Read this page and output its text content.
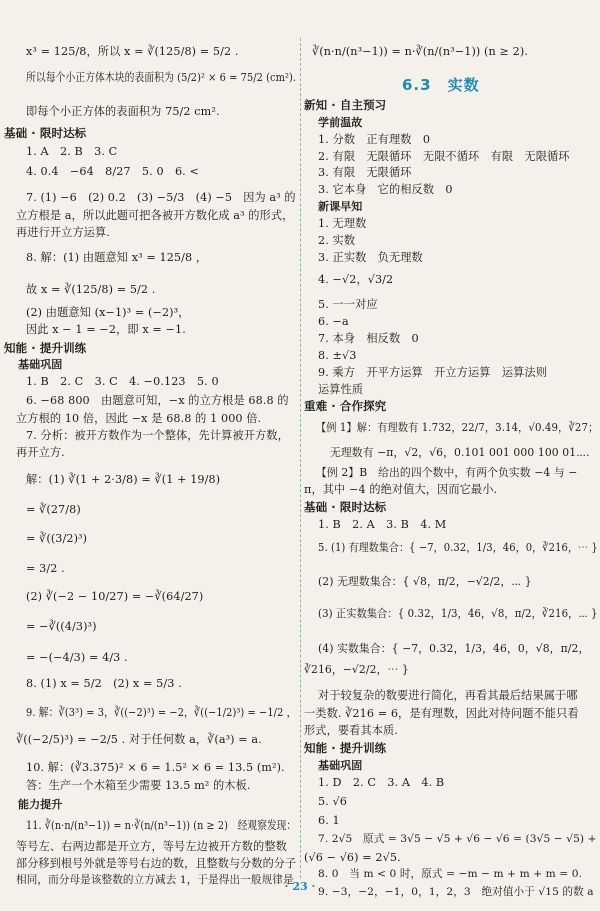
x³ = 125/8，所以 x = ∛(125/8) = 5/2 .
所以每个小正方体木块的表面积为 (5/2)² × 6 = 75/2 (cm²).
即每个小正方体的表面积为 75/2 cm².
基础 · 限时达标
1. A　2. B　3. C
4. 0.4　−64　8/27　5. 0　6. <
7. (1) −6　(2) 0.2　(3) −5/3　(4) −5　因为 a³ 的
立方根是 a，所以此题可把各被开方数化成 a³ 的形式，
再进行开立方运算.
8. 解：(1) 由题意知 x³ = 125/8 ，
故 x = ∛(125/8) = 5/2 .
(2) 由题意知 (x−1)³ = (−2)³，
因此 x − 1 = −2，即 x = −1.
知能 · 提升训练
基础巩固
1. B　2. C　3. C　4. −0.123　5. 0
6. −68 800　由题意可知，−x 的立方根是 68.8 的
立方根的 10 倍，因此 −x 是 68.8 的 1 000 倍.
7. 分析：被开方数作为一个整体，先计算被开方数，
再开立方.
解：(1) ∛(1 + 2·3/8) = ∛(1 + 19/8)
= ∛(27/8)
= ∛((3/2)³)
= 3/2 .
(2) ∛(−2 − 10/27) = −∛(64/27)
= −∛((4/3)³)
= −(−4/3) = 4/3 .
8. (1) x = 5/2　(2) x = 5/3 .
9. 解：∛(3³) = 3，∛((−2)³) = −2，∛((−1/2)³) = −1/2 ，
∛((−2/5)³) = −2/5 . 对于任何数 a，∛(a³) = a.
10. 解：(∛3.375)² × 6 = 1.5² × 6 = 13.5 (m²).
答：生产一个木箱至少需要 13.5 m² 的木板.
能力提升
11. ∛(n·n/(n³−1)) = n·∛(n/(n³−1)) (n ≥ 2)　经观察发现：
等号左、右两边都是开立方，等号左边被开方数的整数
部分移到根号外就是等号右边的数，且整数与分数的分子
相同，而分母是该整数的立方减去 1，于是得出一般规律是
∛(n·n/(n³−1)) = n·∛(n/(n³−1)) (n ≥ 2).
6.3　实数
新知 · 自主预习
学前温故
1. 分数　正有理数　0
2. 有限　无限循环　无限不循环　有限　无限循环
3. 有限　无限循环
3. 它本身　它的相反数　0
新课早知
1. 无理数
2. 实数
3. 正实数　负无理数
4. −√2，√3/2
5. 一一对应
6. −a
7. 本身　相反数　0
8. ±√3
9. 乘方　开平方运算　开立方运算　运算法则
运算性质
重难 · 合作探究
【例 1】解：有理数有 1.732，22/7，3.14，√0.49，∛27；
无理数有 −π，√2，√6，0.101 001 000 100 01⋯.
【例 2】B　给出的四个数中，有两个负实数 −4 与 −
π，其中 −4 的绝对值大，因而它最小.
基础 · 限时达标
1. B　2. A　3. B　4. M
5. (1) 有理数集合：{ −7，0.32，1/3，46，0，∛216，⋯ }
(2) 无理数集合：{ √8，π/2，−√2/2，⋯ }
(3) 正实数集合：{ 0.32，1/3，46，√8，π/2，∛216，⋯ }
(4) 实数集合：{ −7，0.32，1/3，46，0，√8，π/2，
∛216，−√2/2，⋯ }
对于较复杂的数要进行简化，再看其最后结果属于哪
一类数. ∛216 = 6，是有理数，因此对待问题不能只看
形式，要看其本质.
知能 · 提升训练
基础巩固
1. D　2. C　3. A　4. B
5. √6
6. 1
7. 2√5　原式 = 3√5 − √5 + √6 − √6 = (3√5 − √5) +
(√6 − √6) = 2√5.
8. 0　当 m < 0 时，原式 = −m − m + m + m = 0.
9. −3，−2，−1，0，1，2，3　绝对值小于 √15 的数 a
· 23 ·
